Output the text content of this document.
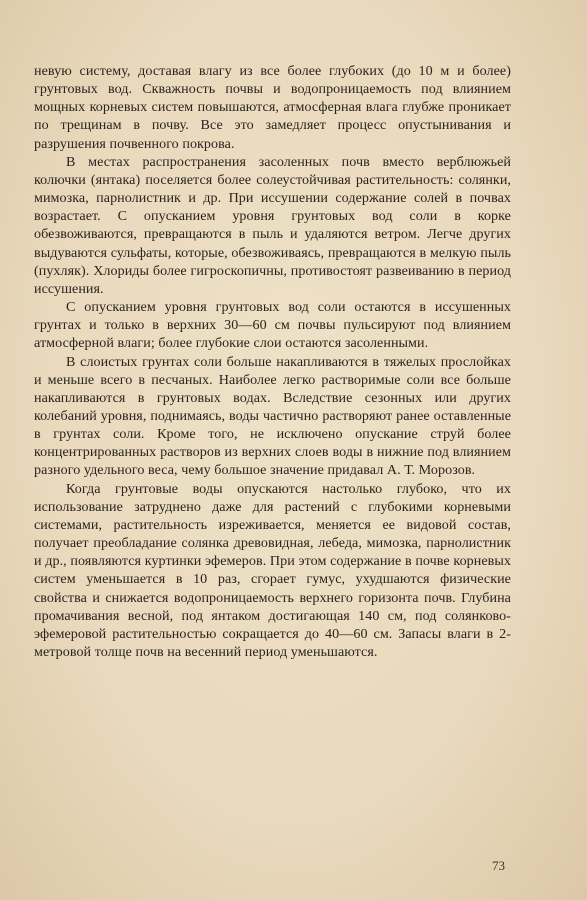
невую систему, доставая влагу из все более глубоких (до 10 м и более) грунтовых вод. Скважность почвы и водопроницаемость под влиянием мощных корневых систем повышаются, атмосферная влага глубже проникает по трещинам в почву. Все это замедляет процесс опустынивания и разрушения почвенного покрова.

В местах распространения засоленных почв вместо верблюжьей колючки (янтака) поселяется более солеустойчивая растительность: солянки, мимозка, парнолистник и др. При иссушении содержание солей в почвах возрастает. С опусканием уровня грунтовых вод соли в корке обезвоживаются, превращаются в пыль и удаляются ветром. Легче других выдуваются сульфаты, которые, обезвоживаясь, превращаются в мелкую пыль (пухляк). Хлориды более гигроскопичны, противостоят развеиванию в период иссушения.

С опусканием уровня грунтовых вод соли остаются в иссушенных грунтах и только в верхних 30—60 см почвы пульсируют под влиянием атмосферной влаги; более глубокие слои остаются засоленными.

В слоистых грунтах соли больше накапливаются в тяжелых прослойках и меньше всего в песчаных. Наиболее легко растворимые соли все больше накапливаются в грунтовых водах. Вследствие сезонных или других колебаний уровня, поднимаясь, воды частично растворяют ранее оставленные в грунтах соли. Кроме того, не исключено опускание струй более концентрированных растворов из верхних слоев воды в нижние под влиянием разного удельного веса, чему большое значение придавал А. Т. Морозов.

Когда грунтовые воды опускаются настолько глубоко, что их использование затруднено даже для растений с глубокими корневыми системами, растительность изреживается, меняется ее видовой состав, получает преобладание солянка древовидная, лебеда, мимозка, парнолистник и др., появляются куртинки эфемеров. При этом содержание в почве корневых систем уменьшается в 10 раз, сгорает гумус, ухудшаются физические свойства и снижается водопроницаемость верхнего горизонта почв. Глубина промачивания весной, под янтаком достигающая 140 см, под солянково-эфемеровой растительностью сокращается до 40—60 см. Запасы влаги в 2-метровой толще почв на весенний период уменьшаются.

73
